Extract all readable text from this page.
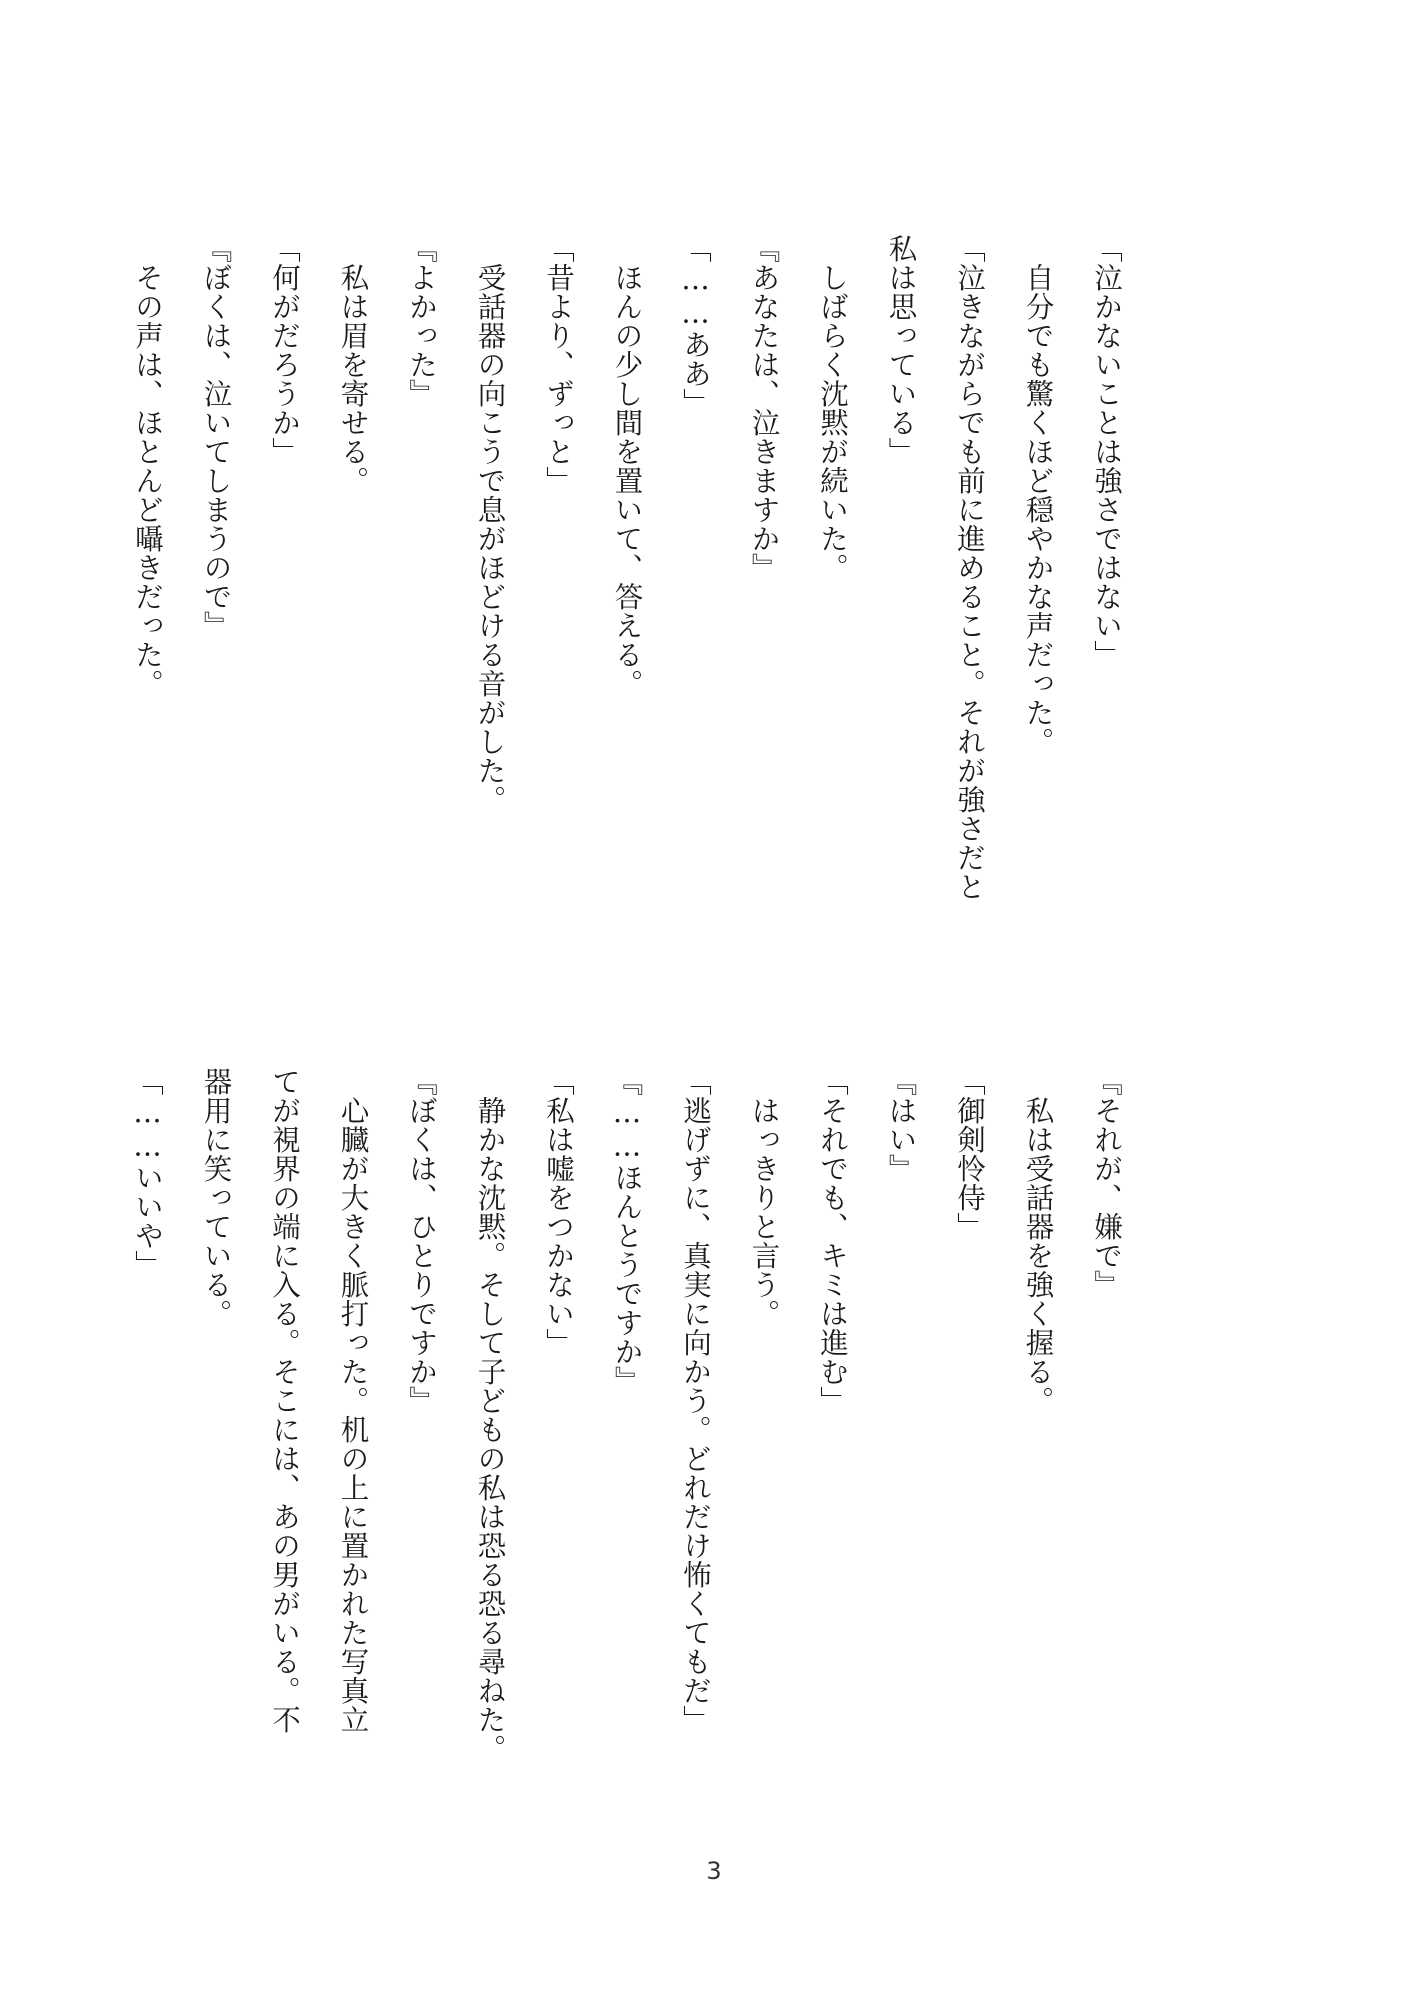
「泣かないことは強さではない」
自分でも驚くほど穏やかな声だった。
「泣きながらでも前に進めること。それが強さだと
私は思っている」
しばらく沈黙が続いた。
『あなたは、泣きますか』
「……ああ」
ほんの少し間を置いて、答える。
「昔より、ずっと」
受話器の向こうで息がほどける音がした。
『よかった』
私は眉を寄せる。
「何がだろうか」
『ぼくは、泣いてしまうので』
その声は、ほとんど囁きだった。
『それが、嫌で』
私は受話器を強く握る。
「御剣怜侍」
『はい』
「それでも、キミは進む」
はっきりと言う。
「逃げずに、真実に向かう。どれだけ怖くてもだ」
『……ほんとうですか』
「私は嘘をつかない」
静かな沈黙。そして子どもの私は恐る恐る尋ねた。
『ぼくは、ひとりですか』
心臓が大きく脈打った。机の上に置かれた写真立
てが視界の端に入る。そこには、あの男がいる。不
器用に笑っている。
「……いいや」
3
